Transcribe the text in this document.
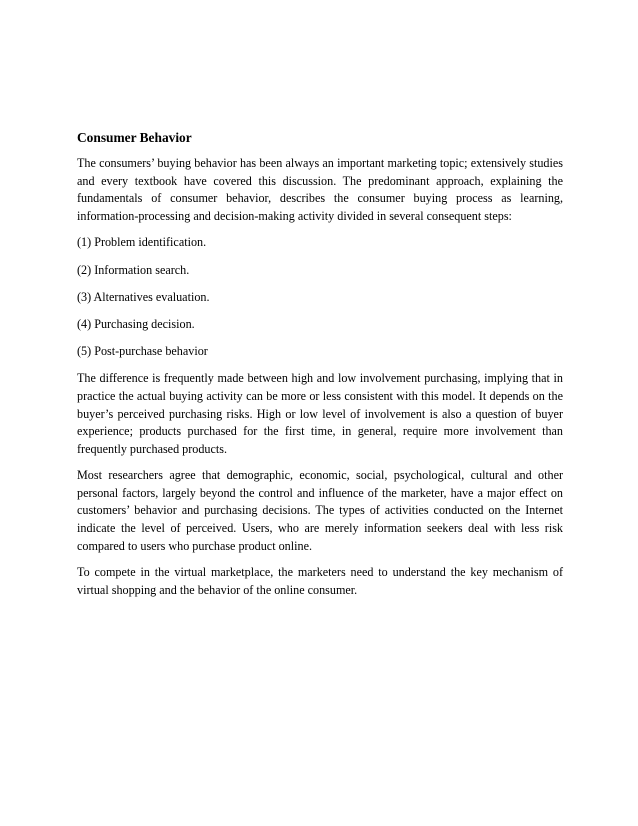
Consumer Behavior

The consumers’ buying behavior has been always an important marketing topic; extensively studies and every textbook have covered this discussion. The predominant approach, explaining the fundamentals of consumer behavior, describes the consumer buying process as learning, information-processing and decision-making activity divided in several consequent steps:

(1) Problem identification.

(2) Information search.

(3) Alternatives evaluation.

(4) Purchasing decision.

(5) Post-purchase behavior

The difference is frequently made between high and low involvement purchasing, implying that in practice the actual buying activity can be more or less consistent with this model. It depends on the buyer’s perceived purchasing risks. High or low level of involvement is also a question of buyer experience; products purchased for the first time, in general, require more involvement than frequently purchased products.

Most researchers agree that demographic, economic, social, psychological, cultural and other personal factors, largely beyond the control and influence of the marketer, have a major effect on customers’ behavior and purchasing decisions. The types of activities conducted on the Internet indicate the level of perceived. Users, who are merely information seekers deal with less risk compared to users who purchase product online.

To compete in the virtual marketplace, the marketers need to understand the key mechanism of virtual shopping and the behavior of the online consumer.
